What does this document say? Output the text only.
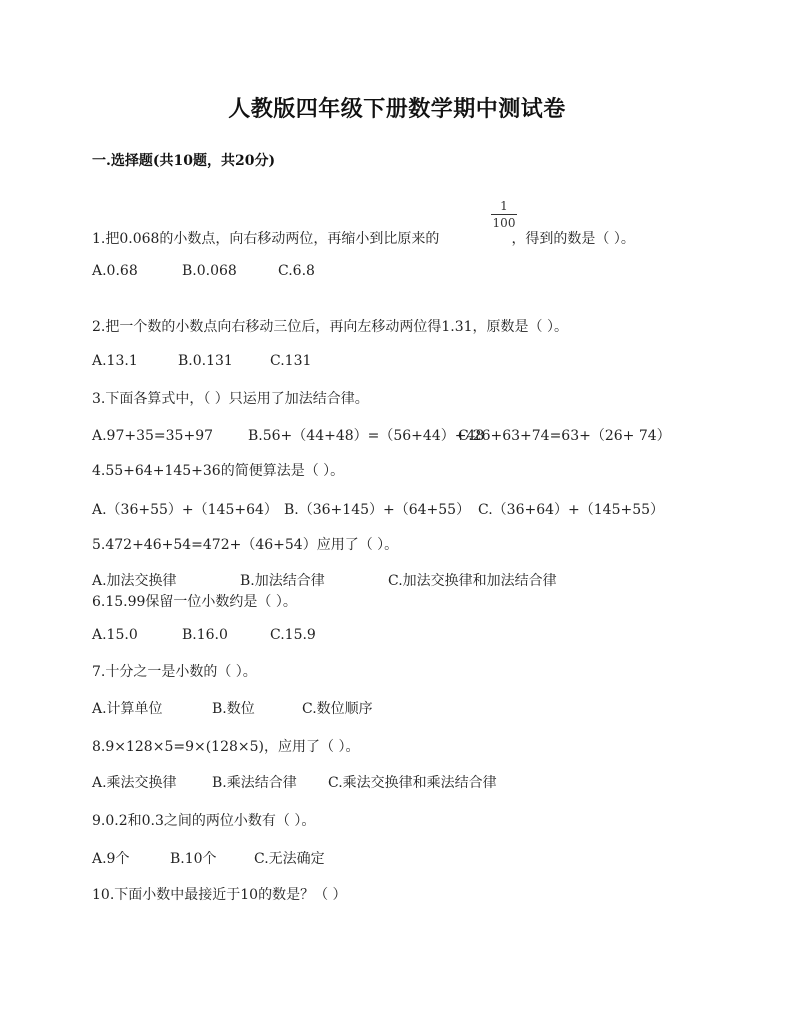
人教版四年级下册数学期中测试卷
一.选择题(共10题，共20分)
1.把0.068的小数点，向右移动两位，再缩小到比原来的	，得到的数是（ ）。
1
100
A.0.68	B.0.068	C.6.8
2.把一个数的小数点向右移动三位后，再向左移动两位得1.31，原数是（ ）。
A.13.1	B.0.131	C.131
3.下面各算式中，（ ）只运用了加法结合律。
A.97+35=35+97 B.56+（44+48）=（56+44）+48C.26+63+74=63+（26+ 74）
4.55+64+145+36的简便算法是（ ）。
A.（36+55）+（145+64） B.（36+145）+（64+55） C.（36+64）+（145+55）
5.472+46+54=472+（46+54）应用了（ ）。
A.加法交换律	B.加法结合律	C.加法交换律和加法结合律
6.15.99保留一位小数约是（ ）。
A.15.0	B.16.0	C.15.9
7.十分之一是小数的（ ）。
A.计算单位	B.数位	C.数位顺序
8.9×128×5=9×(128×5)，应用了（ ）。
A.乘法交换律	B.乘法结合律 C.乘法交换律和乘法结合律
9.0.2和0.3之间的两位小数有（ ）。
A.9个	B.10个	C.无法确定
10.下面小数中最接近于10的数是？（ ）
